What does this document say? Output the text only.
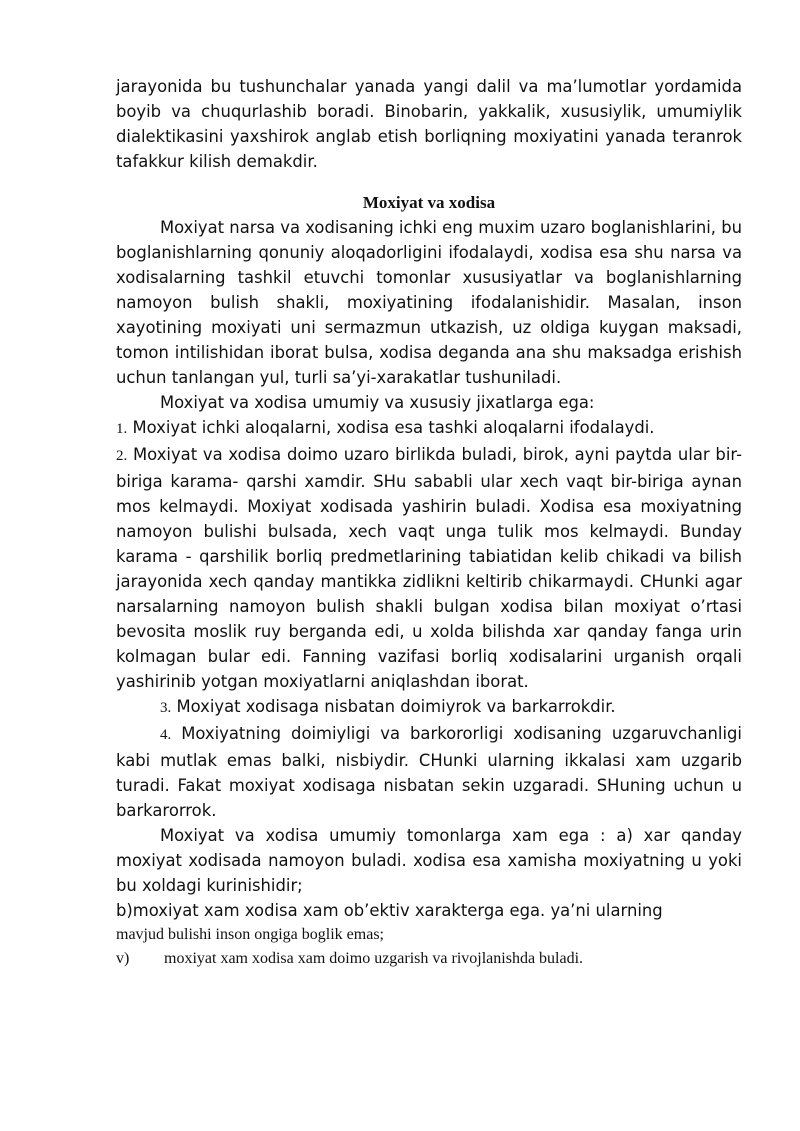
jarayonida bu tushunchalar yanada yangi dalil va ma’lumotlar yordamida boyib va chuqurlashib boradi. Binobarin, yakkalik, xususiylik, umumiylik dialektikasini yaxshirok anglab etish borliqning moxiyatini yanada teranrok tafakkur kilish demakdir.

Moxiyat va xodisa

Moxiyat narsa va xodisaning ichki eng muxim uzaro boglanishlarini, bu boglanishlarning qonuniy aloqadorligini ifodalaydi, xodisa esa shu narsa va xodisalarning tashkil etuvchi tomonlar xususiyatlar va boglanishlarning namoyon bulish shakli, moxiyatining ifodalanishidir. Masalan, inson xayotining moxiyati uni sermazmun utkazish, uz oldiga kuygan maksadi, tomon intilishidan iborat bulsa, xodisa deganda ana shu maksadga erishish uchun tanlangan yul, turli sa’yi-xarakatlar tushuniladi.

Moxiyat va xodisa umumiy va xususiy jixatlarga ega:

1. Moxiyat ichki aloqalarni, xodisa esa tashki aloqalarni ifodalaydi.

2. Moxiyat va xodisa doimo uzaro birlikda buladi, birok, ayni paytda ular bir-biriga karama- qarshi xamdir. SHu sababli ular xech vaqt bir-biriga aynan mos kelmaydi. Moxiyat xodisada yashirin buladi. Xodisa esa moxiyatning namoyon bulishi bulsada, xech vaqt unga tulik mos kelmaydi. Bunday karama - qarshilik borliq predmetlarining tabiatidan kelib chikadi va bilish jarayonida xech qanday mantikka zidlikni keltirib chikarmaydi. CHunki agar narsalarning namoyon bulish shakli bulgan xodisa bilan moxiyat o’rtasi bevosita moslik ruy berganda edi, u xolda bilishda xar qanday fanga urin kolmagan bular edi. Fanning vazifasi borliq xodisalarini urganish orqali yashirinib yotgan moxiyatlarni aniqlashdan iborat.

3. Moxiyat xodisaga nisbatan doimiyrok va barkarrokdir.

4. Moxiyatning doimiyligi va barkororligi xodisaning uzgaruvchanligi kabi mutlak emas balki, nisbiydir. CHunki ularning ikkalasi xam uzgarib turadi. Fakat moxiyat xodisaga nisbatan sekin uzgaradi. SHuning uchun u barkarorrok.

Moxiyat va xodisa umumiy tomonlarga xam ega : a) xar qanday moxiyat xodisada namoyon buladi. xodisa esa xamisha moxiyatning u yoki bu xoldagi kurinishidir;

b)moxiyat xam xodisa xam ob’ektiv xarakterga ega. ya’ni ularning

mavjud bulishi inson ongiga boglik emas;

v)	moxiyat xam xodisa xam doimo uzgarish va rivojlanishda buladi.
